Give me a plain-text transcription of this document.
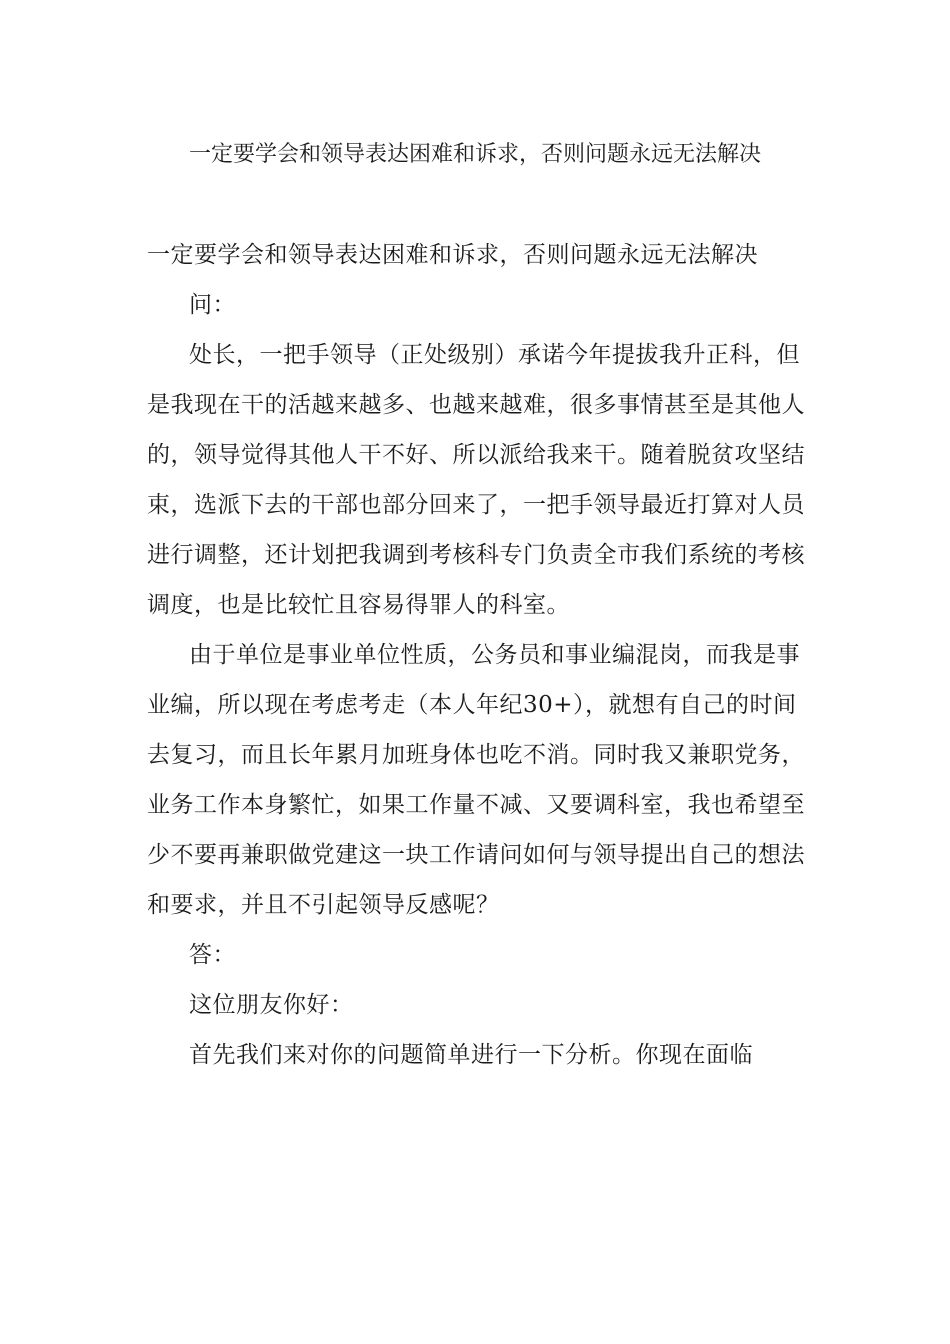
一定要学会和领导表达困难和诉求，否则问题永远无法解决

一定要学会和领导表达困难和诉求，否则问题永远无法解决

问：

处长，一把手领导（正处级别）承诺今年提拔我升正科，但是我现在干的活越来越多、也越来越难，很多事情甚至是其他人的，领导觉得其他人干不好、所以派给我来干。随着脱贫攻坚结束，选派下去的干部也部分回来了，一把手领导最近打算对人员进行调整，还计划把我调到考核科专门负责全市我们系统的考核调度，也是比较忙且容易得罪人的科室。

由于单位是事业单位性质，公务员和事业编混岗，而我是事业编，所以现在考虑考走（本人年纪30+），就想有自己的时间去复习，而且长年累月加班身体也吃不消。同时我又兼职党务，业务工作本身繁忙，如果工作量不减、又要调科室，我也希望至少不要再兼职做党建这一块工作请问如何与领导提出自己的想法和要求，并且不引起领导反感呢？

答：

这位朋友你好：

首先我们来对你的问题简单进行一下分析。你现在面临
